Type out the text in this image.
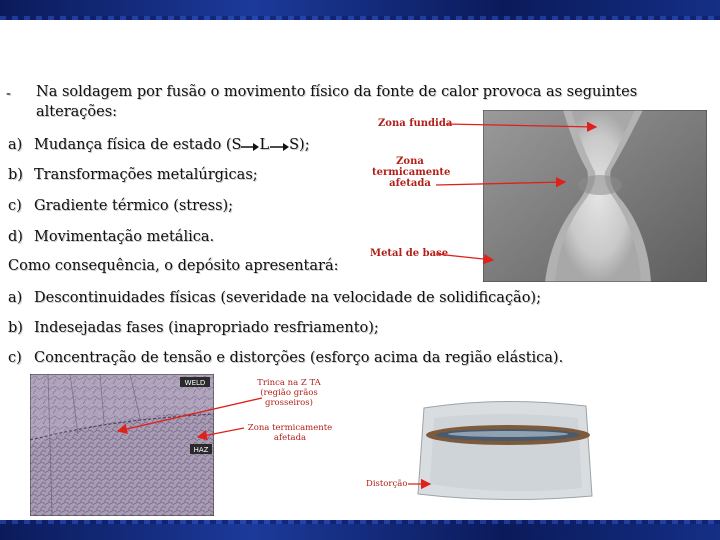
- Na soldagem por fusão o movimento físico da fonte de calor provoca as seguintes
alterações:
a) Mudança física de estado (S L S);
b) Transformações metalúrgicas;
c) Gradiente térmico (stress);
d) Movimentação metálica.
Como consequência, o depósito apresentará:
a) Descontinuidades físicas (severidade na velocidade de solidificação);
b) Indesejadas fases (inapropriado resfriamento);
c) Concentração de tensão e distorções (esforço acima da região elástica).
Zona fundida
Zona
termicamente
afetada
Metal de base
WELD
HAZ
Trinca na Z TA
(região grãos
grosseiros)
Zona termicamente
afetada
Distorção
